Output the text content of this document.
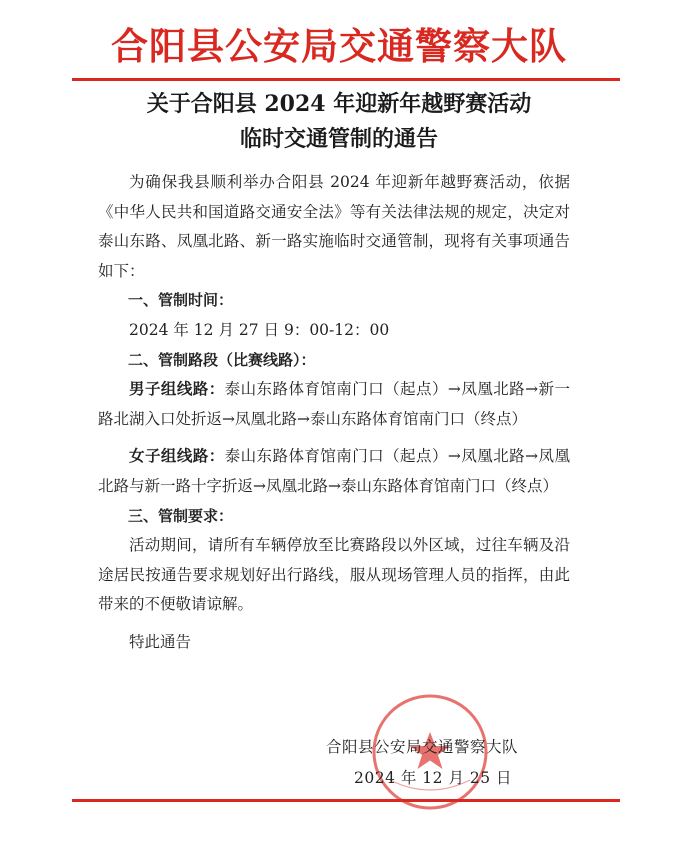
合阳县公安局交通警察大队
关于合阳县 2024 年迎新年越野赛活动
临时交通管制的通告

为确保我县顺利举办合阳县 2024 年迎新年越野赛活动，依据《中华人民共和国道路交通安全法》等有关法律法规的规定，决定对泰山东路、凤凰北路、新一路实施临时交通管制，现将有关事项通告如下：

一、管制时间：

2024 年 12 月 27 日 9：00-12：00

二、管制路段（比赛线路）：

男子组线路：泰山东路体育馆南门口（起点）→凤凰北路→新一路北湖入口处折返→凤凰北路→泰山东路体育馆南门口（终点）

女子组线路：泰山东路体育馆南门口（起点）→凤凰北路→凤凰北路与新一路十字折返→凤凰北路→泰山东路体育馆南门口（终点）

三、管制要求：

活动期间，请所有车辆停放至比赛路段以外区域，过往车辆及沿途居民按通告要求规划好出行路线，服从现场管理人员的指挥，由此带来的不便敬请谅解。

特此通告

合阳县公安局交通警察大队
2024 年 12 月 25 日
